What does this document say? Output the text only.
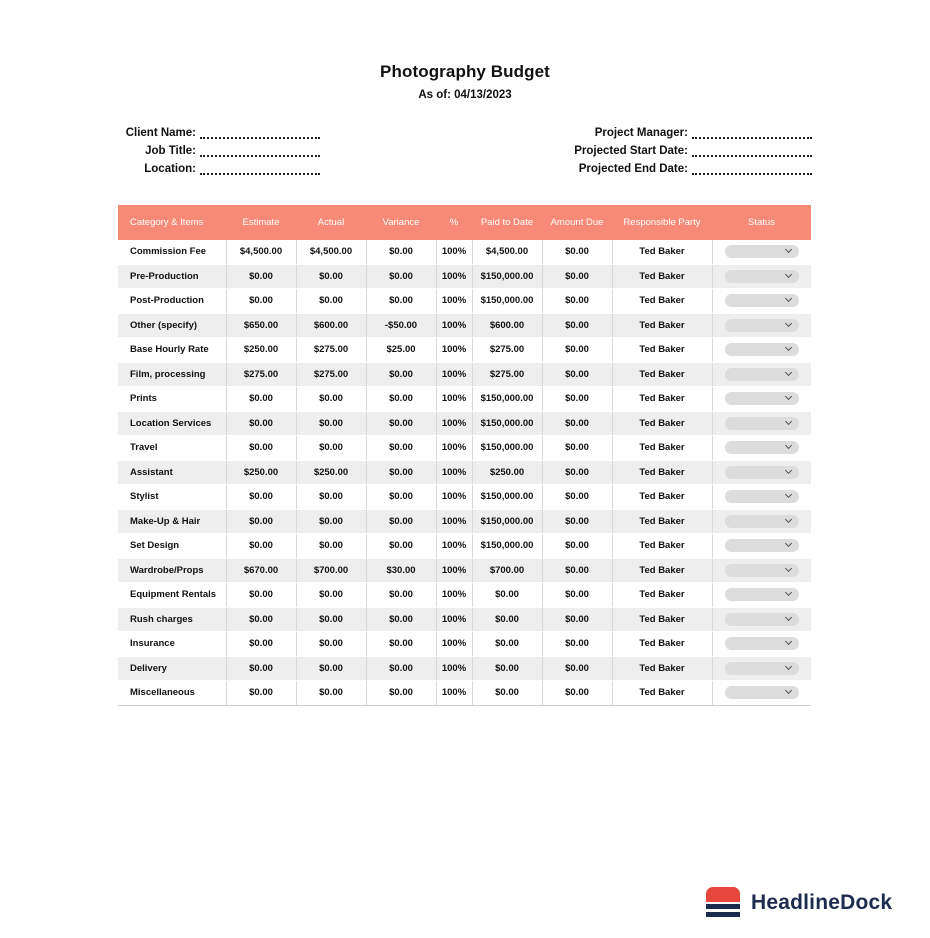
Photography Budget
As of: 04/13/2023
Client Name:
Job Title:
Location:
Project Manager:
Projected Start Date:
Projected End Date:
Category & Items	Estimate	Actual	Variance	%	Paid to Date	Amount Due	Responsible Party	Status
Commission Fee	$4,500.00	$4,500.00	$0.00	100%	$4,500.00	$0.00	Ted Baker	

Pre-Production	$0.00	$0.00	$0.00	100%	$150,000.00	$0.00	Ted Baker	

Post-Production	$0.00	$0.00	$0.00	100%	$150,000.00	$0.00	Ted Baker	

Other (specify)	$650.00	$600.00	-$50.00	100%	$600.00	$0.00	Ted Baker	

Base Hourly Rate	$250.00	$275.00	$25.00	100%	$275.00	$0.00	Ted Baker	

Film, processing	$275.00	$275.00	$0.00	100%	$275.00	$0.00	Ted Baker	

Prints	$0.00	$0.00	$0.00	100%	$150,000.00	$0.00	Ted Baker	

Location Services	$0.00	$0.00	$0.00	100%	$150,000.00	$0.00	Ted Baker	

Travel	$0.00	$0.00	$0.00	100%	$150,000.00	$0.00	Ted Baker	

Assistant	$250.00	$250.00	$0.00	100%	$250.00	$0.00	Ted Baker	

Stylist	$0.00	$0.00	$0.00	100%	$150,000.00	$0.00	Ted Baker	

Make-Up & Hair	$0.00	$0.00	$0.00	100%	$150,000.00	$0.00	Ted Baker	

Set Design	$0.00	$0.00	$0.00	100%	$150,000.00	$0.00	Ted Baker	

Wardrobe/Props	$670.00	$700.00	$30.00	100%	$700.00	$0.00	Ted Baker	

Equipment Rentals	$0.00	$0.00	$0.00	100%	$0.00	$0.00	Ted Baker	

Rush charges	$0.00	$0.00	$0.00	100%	$0.00	$0.00	Ted Baker	

Insurance	$0.00	$0.00	$0.00	100%	$0.00	$0.00	Ted Baker	

Delivery	$0.00	$0.00	$0.00	100%	$0.00	$0.00	Ted Baker	

Miscellaneous	$0.00	$0.00	$0.00	100%	$0.00	$0.00	Ted Baker	
HeadlineDock
